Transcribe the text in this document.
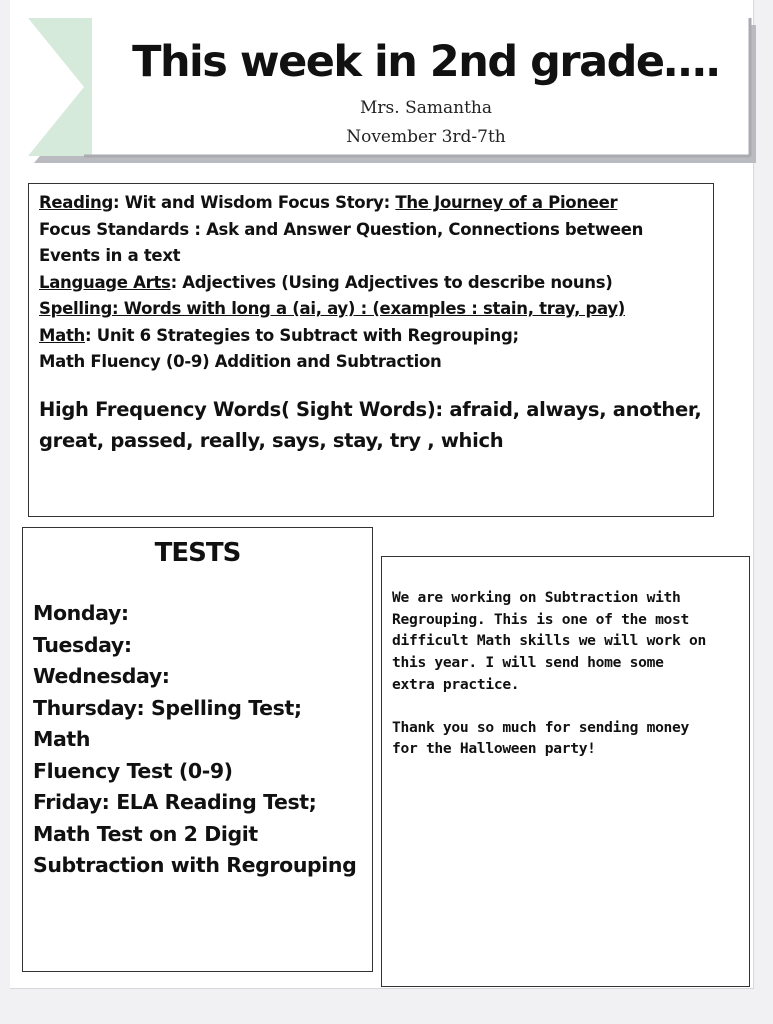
This week in 2nd grade….
Mrs. Samantha
November 3rd-7th
Reading: Wit and Wisdom Focus Story: The Journey of a Pioneer
Focus Standards : Ask and Answer Question, Connections between
Events in a text
Language Arts: Adjectives (Using Adjectives to describe nouns)
Spelling: Words with long a (ai, ay) : (examples : stain, tray, pay)
Math: Unit 6 Strategies to Subtract with Regrouping;
Math Fluency (0-9) Addition and Subtraction
High Frequency Words( Sight Words): afraid, always, another,
great, passed, really, says, stay, try , which
TESTS
Monday:
Tuesday:
Wednesday:
Thursday: Spelling Test; Math
Fluency Test (0-9)
Friday: ELA Reading Test;
Math Test on 2 Digit
Subtraction with Regrouping
We are working on Subtraction with
Regrouping. This is one of the most
difficult Math skills we will work on
this year. I will send home some
extra practice.
Thank you so much for sending money
for the Halloween party!
